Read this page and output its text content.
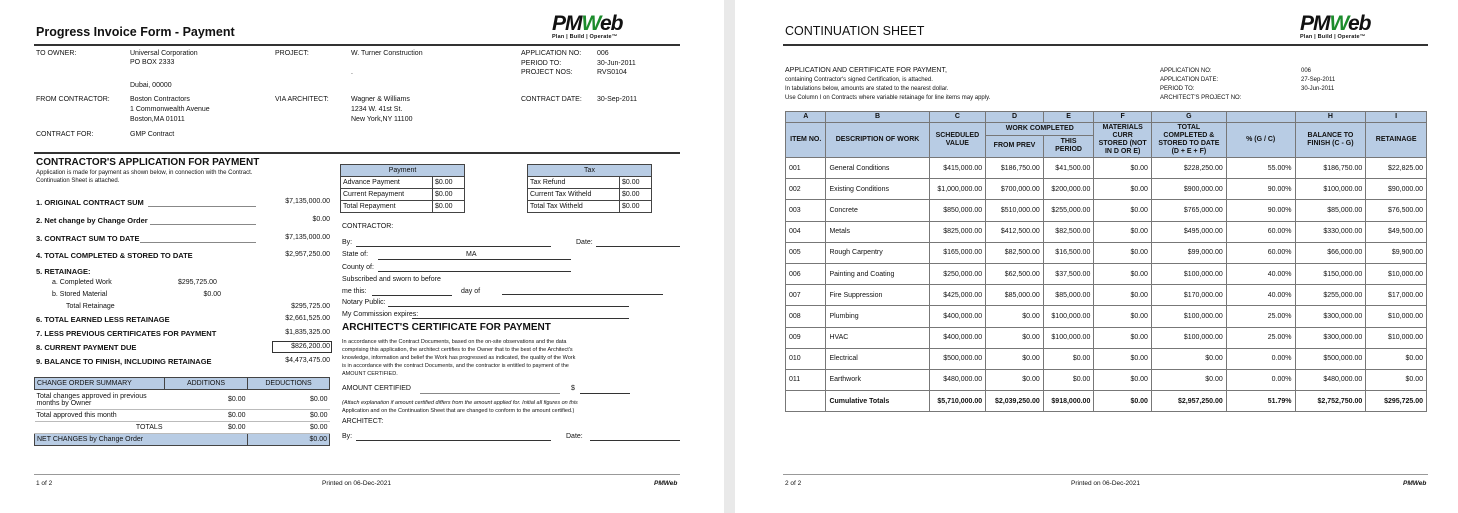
Progress Invoice Form - Payment	PMWeb
Plan | Build | Operate™
TO OWNER:	Universal Corporation
PO BOX 2333
Dubai, 00000
PROJECT:	W. Turner Construction
.
APPLICATION NO: 006
PERIOD TO:	30-Jun-2011
PROJECT NOS:	RVS0104
FROM CONTRACTOR:	Boston Contractors
1 Commonwealth Avenue
Boston,MA 01011
VIA ARCHITECT:	Wagner & Williams
1234 W. 41st St.
New York,NY 11100
CONTRACT DATE: 30-Sep-2011
CONTRACT FOR:	GMP Contract
CONTRACTOR'S APPLICATION FOR PAYMENT
Application is made for payment as shown below, in connection with the Contract.
Continuation Sheet is attached.
1. ORIGINAL CONTRACT SUM	$7,135,000.00
2. Net change by Change Order	$0.00
3. CONTRACT SUM TO DATE	$7,135,000.00
4. TOTAL COMPLETED & STORED TO DATE	$2,957,250.00
5. RETAINAGE:
a. Completed Work	$295,725.00
b. Stored Material	$0.00
Total Retainage	$295,725.00
6. TOTAL EARNED LESS RETAINAGE	$2,661,525.00
7. LESS PREVIOUS CERTIFICATES FOR PAYMENT	$1,835,325.00
8. CURRENT PAYMENT DUE	$826,200.00
9. BALANCE TO FINISH, INCLUDING RETAINAGE	$4,473,475.00
CHANGE ORDER SUMMARY	ADDITIONS	DEDUCTIONS
Total changes approved in previous months by Owner	$0.00	$0.00
Total approved this month	$0.00	$0.00
TOTALS	$0.00	$0.00
NET CHANGES by Change Order		$0.00
Payment	
Advance Payment	$0.00
Current Repayment	$0.00
Total Repayment	$0.00
Tax	
Tax Refund	$0.00
Current Tax Witheld	$0.00
Total Tax Witheld	$0.00
CONTRACTOR:
By:	Date:
State of:	MA
County of:
Subscribed and sworn to before
me this:	day of
Notary Public:
My Commission expires:
ARCHITECT'S CERTIFICATE FOR PAYMENT
In accordance with the Contract Documents, based on the on-site observations and the data
comprising this application, the architect certifies to the Owner that to the best of the Architect's
knowledge, information and belief the Work has progressed as indicated, the quality of the Work
is in accordance with the contract Documents, and the contractor is entitled to payment of the
AMOUNT CERTIFIED.
AMOUNT CERTIFIED	$
(Attach explanation if amount certified differs from the amount applied for. Initial all figures on this
Application and on the Continuation Sheet that are changed to conform to the amount certified.)
ARCHITECT:
By:	Date:
1 of 2	Printed on 06-Dec-2021	PMWeb
CONTINUATION SHEET	PMWeb
Plan | Build | Operate™
APPLICATION AND CERTIFICATE FOR PAYMENT,
containing Contractor's signed Certification, is attached.
In tabulations below, amounts are stated to the nearest dollar.
Use Column I on Contracts where variable retainage for line items may apply.
APPLICATION NO:	006
APPLICATION DATE:	27-Sep-2011
PERIOD TO:	30-Jun-2011
ARCHITECT'S PROJECT NO:
A	B	C	D	E	F	G		H	I
ITEM NO.	DESCRIPTION OF WORK	SCHEDULED VALUE	WORK COMPLETED		MATERIALS CURR STORED (NOT IN D OR E)	TOTAL COMPLETED & STORED TO DATE (D + E + F)	% (G / C)	BALANCE TO FINISH (C - G)	RETAINAGE
			FROM PREV	THIS PERIOD					
001	General Conditions	$415,000.00	$186,750.00	$41,500.00	$0.00	$228,250.00	55.00%	$186,750.00	$22,825.00
002	Existing Conditions	$1,000,000.00	$700,000.00	$200,000.00	$0.00	$900,000.00	90.00%	$100,000.00	$90,000.00
003	Concrete	$850,000.00	$510,000.00	$255,000.00	$0.00	$765,000.00	90.00%	$85,000.00	$76,500.00
004	Metals	$825,000.00	$412,500.00	$82,500.00	$0.00	$495,000.00	60.00%	$330,000.00	$49,500.00
005	Rough Carpentry	$165,000.00	$82,500.00	$16,500.00	$0.00	$99,000.00	60.00%	$66,000.00	$9,900.00
006	Painting and Coating	$250,000.00	$62,500.00	$37,500.00	$0.00	$100,000.00	40.00%	$150,000.00	$10,000.00
007	Fire Suppression	$425,000.00	$85,000.00	$85,000.00	$0.00	$170,000.00	40.00%	$255,000.00	$17,000.00
008	Plumbing	$400,000.00	$0.00	$100,000.00	$0.00	$100,000.00	25.00%	$300,000.00	$10,000.00
009	HVAC	$400,000.00	$0.00	$100,000.00	$0.00	$100,000.00	25.00%	$300,000.00	$10,000.00
010	Electrical	$500,000.00	$0.00	$0.00	$0.00	$0.00	0.00%	$500,000.00	$0.00
011	Earthwork	$480,000.00	$0.00	$0.00	$0.00	$0.00	0.00%	$480,000.00	$0.00
	Cumulative Totals	$5,710,000.00	$2,039,250.00	$918,000.00	$0.00	$2,957,250.00	51.79%	$2,752,750.00	$295,725.00
2 of 2	Printed on 06-Dec-2021	PMWeb
